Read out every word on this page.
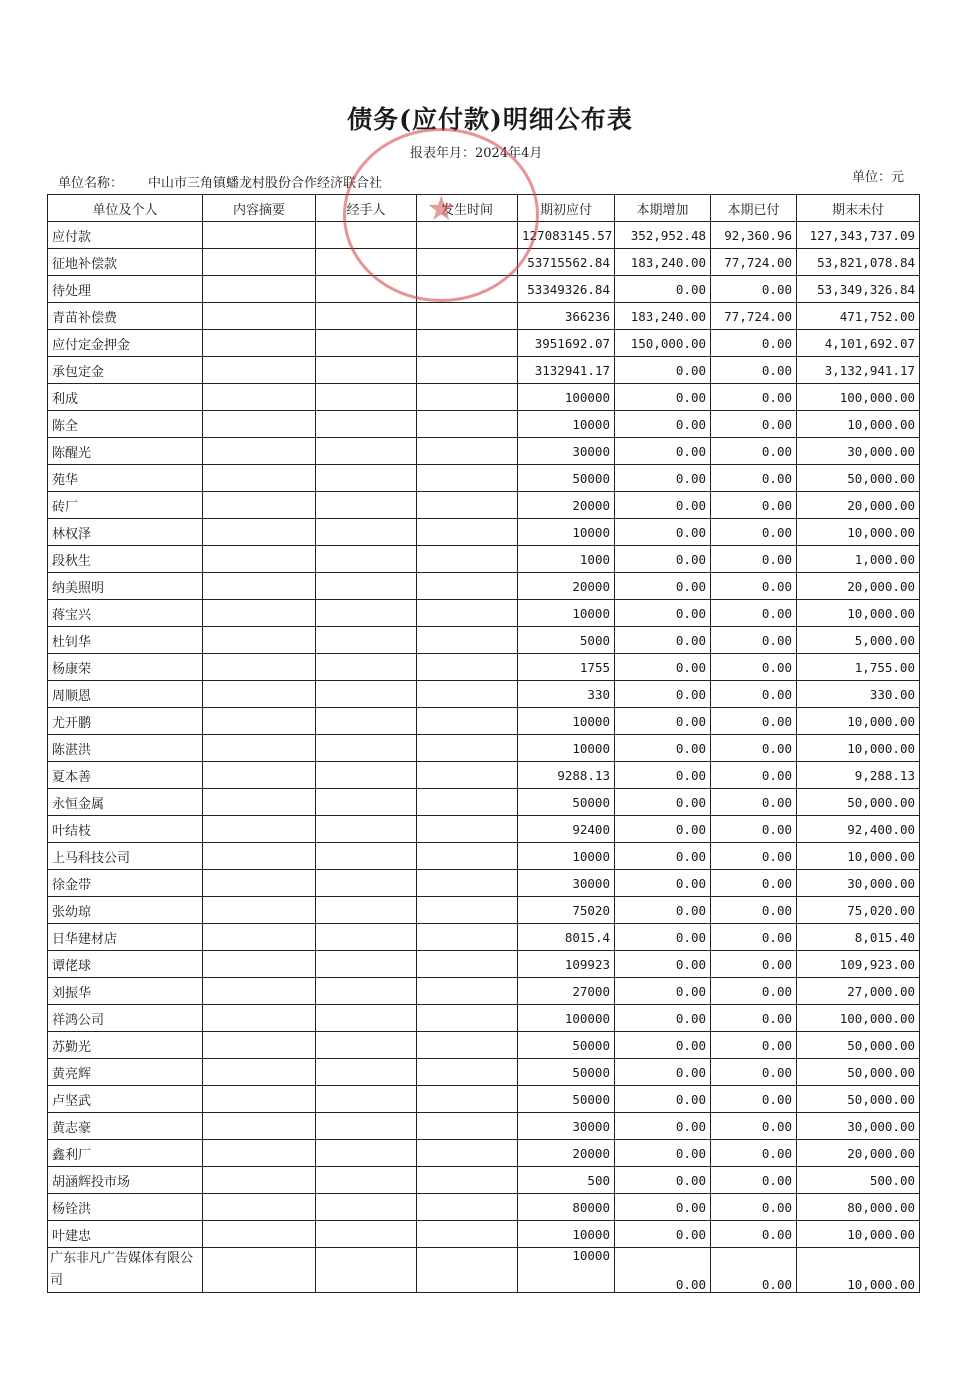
债务(应付款)明细公布表
报表年月：2024年4月
单位名称： 中山市三角镇蟠龙村股份合作经济联合社	单位：元
单位及个人	内容摘要	经手人	发生时间	期初应付	本期增加	本期已付	期末未付
应付款				127083145.57	352,952.48	92,360.96	127,343,737.09
征地补偿款				53715562.84	183,240.00	77,724.00	53,821,078.84
待处理				53349326.84	0.00	0.00	53,349,326.84
青苗补偿费				366236	183,240.00	77,724.00	471,752.00
应付定金押金				3951692.07	150,000.00	0.00	4,101,692.07
承包定金				3132941.17	0.00	0.00	3,132,941.17
利成				100000	0.00	0.00	100,000.00
陈全				10000	0.00	0.00	10,000.00
陈醒光				30000	0.00	0.00	30,000.00
苑华				50000	0.00	0.00	50,000.00
砖厂				20000	0.00	0.00	20,000.00
林权泽				10000	0.00	0.00	10,000.00
段秋生				1000	0.00	0.00	1,000.00
纳美照明				20000	0.00	0.00	20,000.00
蒋宝兴				10000	0.00	0.00	10,000.00
杜钊华				5000	0.00	0.00	5,000.00
杨康荣				1755	0.00	0.00	1,755.00
周顺恩				330	0.00	0.00	330.00
尤开鹏				10000	0.00	0.00	10,000.00
陈湛洪				10000	0.00	0.00	10,000.00
夏本善				9288.13	0.00	0.00	9,288.13
永恒金属				50000	0.00	0.00	50,000.00
叶结枝				92400	0.00	0.00	92,400.00
上马科技公司				10000	0.00	0.00	10,000.00
徐金带				30000	0.00	0.00	30,000.00
张幼琼				75020	0.00	0.00	75,020.00
日华建材店				8015.4	0.00	0.00	8,015.40
谭佬球				109923	0.00	0.00	109,923.00
刘振华				27000	0.00	0.00	27,000.00
祥鸿公司				100000	0.00	0.00	100,000.00
苏勤光				50000	0.00	0.00	50,000.00
黄亮辉				50000	0.00	0.00	50,000.00
卢坚武				50000	0.00	0.00	50,000.00
黄志豪				30000	0.00	0.00	30,000.00
鑫利厂				20000	0.00	0.00	20,000.00
胡涵辉投市场				500	0.00	0.00	500.00
杨铨洪				80000	0.00	0.00	80,000.00
叶建忠				10000	0.00	0.00	10,000.00
广东非凡广告媒体有限公司				10000	0.00	0.00	10,000.00
★
